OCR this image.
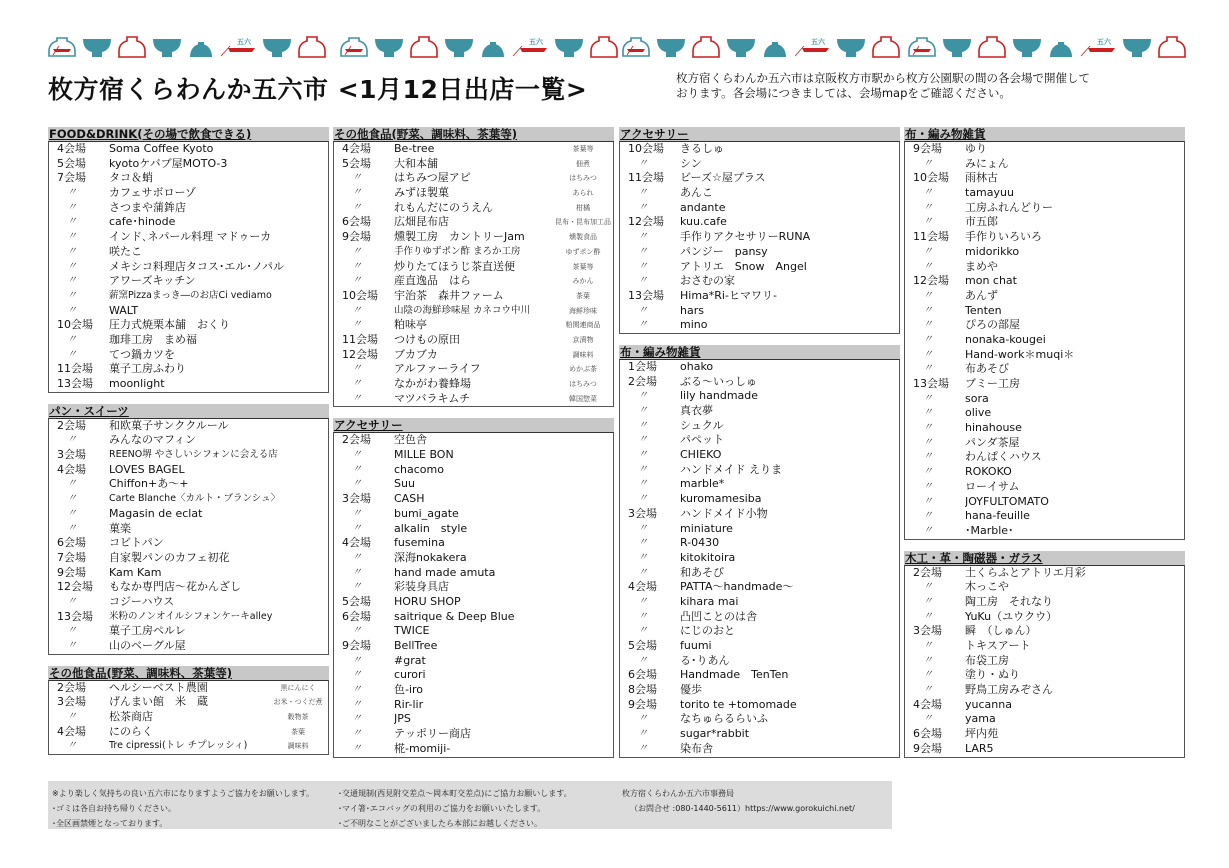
五六	五六	五六	五六
枚方宿くらわんか五六市 <1月12日出店一覧>	枚方宿くらわんか五六市は京阪枚方市駅から枚方公園駅の間の各会場で開催して
おります。各会場につきましては、会場mapをご確認ください。
FOOD&DRINK(その場で飲食できる)
4会場	Soma Coffee Kyoto
5会場	kyotoケバブ屋MOTO-3
7会場	タコ＆蛸
〃	カフェサボローゾ
〃	さつまや蒲鉾店
〃	cafe･hinode
〃	インド､ネパール料理 マドゥーカ
〃	咲たこ
〃	メキシコ料理店タコス･エル･ノパル
〃	アワーズキッチン
〃	薪窯Pizzaまっき―のお店Ci vediamo
〃	WALT
10会場	圧力式焼栗本舗　おくり
〃	珈琲工房　まめ福
〃	てつ鍋カツを
11会場	菓子工房ふわり
13会場	moonlight
パン・スイーツ
2会場	和欧菓子サンククルール
〃	みんなのマフィン
3会場	REENO堺 やさしいシフォンに会える店
4会場	LOVES BAGEL
〃	Chiffon+あ〜+
〃	Carte Blanche〈カルト・ブランシュ〉
〃	Magasin de eclat
〃	菓楽
6会場	コビトパン
7会場	自家製パンのカフェ初花
9会場	Kam Kam
12会場	もなか専門店～花かんざし
〃	コジーハウス
13会場	米粉のノンオイルシフォンケーキalley
〃	菓子工房ペルレ
〃	山のベーグル屋
その他食品(野菜、調味料、茶葉等)
2会場	ヘルシーベスト農園	黒にんにく
3会場	げんまい館　米　蔵	お米・つくだ煮
〃	松茶商店	穀物茶
4会場	にのらく	茶葉
〃	Tre cipressi(トレ チプレッシィ)	調味料
その他食品(野菜、調味料、茶葉等)
4会場	Be-tree	茶葉等
5会場	大和本舗	佃煮
〃	はちみつ屋アピ	はちみつ
〃	みずほ製菓	あられ
〃	れもんだにのうえん	柑橘
6会場	広畑昆布店	昆布・昆布加工品
9会場	燻製工房　カントリーJam	燻製食品
〃	手作りゆずポン酢 まろか工房	ゆずポン酢
〃	炒りたてほうじ茶直送便	茶葉等
〃	産直逸品　はら	みかん
10会場	宇治茶　森井ファーム	茶葉
〃	山陰の海鮮珍味屋 カネコウ中川	海鮮珍味
〃	粕味亭	粕関連商品
11会場	つけもの原田	京漬物
12会場	ブカブカ	調味料
〃	アルファーライフ	めかぶ茶
〃	なかがわ養蜂場	はちみつ
〃	マツバラキムチ	韓国惣菜
アクセサリー
2会場	空色舎
〃	MILLE BON
〃	chacomo
〃	Suu
3会場	CASH
〃	bumi_agate
〃	alkalin　style
4会場	fusemina
〃	深海nokakera
〃	hand made amuta
〃	彩装身具店
5会場	HORU SHOP
6会場	saitrique & Deep Blue
〃	TWICE
9会場	BellTree
〃	#grat
〃	curori
〃	色-iro
〃	Rir-lir
〃	JPS
〃	テッポリー商店
〃	椛-momiji-
アクセサリー
10会場	きるしゅ
〃	シン
11会場	ビーズ☆屋プラス
〃	あんこ
〃	andante
12会場	kuu.cafe
〃	手作りアクセサリーRUNA
〃	パンジー　pansy
〃	アトリエ　Snow　Angel
〃	おさむの家
13会場	Hima*Ri-ヒマワリ-
〃	hars
〃	mino
布・編み物雑貨
1会場	ohako
2会場	ぶる～いっしゅ
〃	lily handmade
〃	真衣夢
〃	シュクル
〃	パペット
〃	CHIEKO
〃	ハンドメイド えりま
〃	marble*
〃	kuromamesiba
3会場	ハンドメイド小物
〃	miniature
〃	R-0430
〃	kitokitoira
〃	和あそび
4会場	PATTA～handmade～
〃	kihara mai
〃	凸凹ことのは舎
〃	にじのおと
5会場	fuumi
〃	る･りあん
6会場	Handmade　TenTen
8会場	優歩
9会場	torito te +tomomade
〃	なちゅらるらいふ
〃	sugar*rabbit
〃	染布舎
布・編み物雑貨
9会場	ゆり
〃	みにょん
10会場	雨林古
〃	tamayuu
〃	工房ふれんどりー
〃	市五郎
11会場	手作りいろいろ
〃	midorikko
〃	まめや
12会場	mon chat
〃	あんず
〃	Tenten
〃	ぴろの部屋
〃	nonaka-kougei
〃	Hand-work＊muqi＊
〃	布あそび
13会場	ブミー工房
〃	sora
〃	olive
〃	hinahouse
〃	パンダ茶屋
〃	わんぱくハウス
〃	ROKOKO
〃	ローイサム
〃	JOYFULTOMATO
〃	hana-feuille
〃	･Marble･
木工・革・陶磁器・ガラス
2会場	土くらふとアトリエ月彩
〃	木っこや
〃	陶工房　それなり
〃	YuKu（ユウクウ）
3会場	瞬　（しゅん）
〃	トキスアート
〃	布袋工房
〃	塗り・ぬり
〃	野鳥工房みぞさん
4会場	yucanna
〃	yama
6会場	坪内苑
9会場	LAR5
※より楽しく気持ちの良い五六市になりますようご協力をお願いします。
･ゴミは各自お持ち帰りください。
･全区画禁煙となっております。
･交通規制(西見附交差点～岡本町交差点)にご協力お願いします。
･マイ箸･エコバッグの利用のご協力をお願いいたします。
･ご不明なことがございましたら本部にお越しください。
枚方宿くらわんか五六市事務局
（お問合せ :080-1440-5611）https://www.gorokuichi.net/
